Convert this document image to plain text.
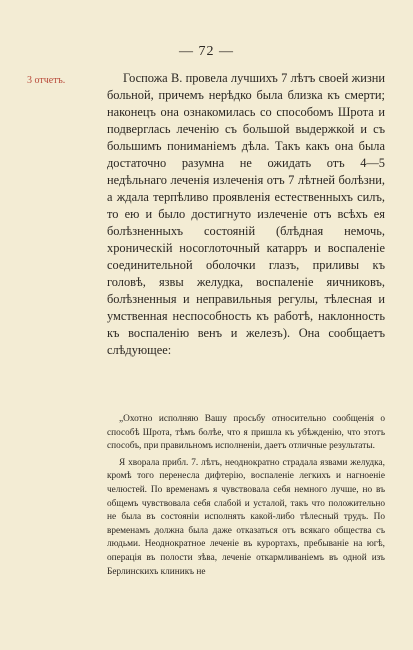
— 72 —
3 отчетъ.	Госпожа В. провела лучшихъ 7 лѣтъ своей жизни больной, причемъ нерѣдко была близка къ смерти; наконецъ она ознакомилась со способомъ Шрота и подверглась леченію съ большой выдержкой и съ большимъ пониманіемъ дѣла. Такъ какъ она была достаточно разумна не ожидать отъ 4—5 недѣльнаго леченія излеченія отъ 7 лѣтней болѣзни, а ждала терпѣливо проявленія естественныхъ силъ, то ею и было достигнуто излеченіе отъ всѣхъ ея болѣзненныхъ состояній (блѣдная немочь, хроническій носоглоточный катарръ и воспаленіе соединительной оболочки глазъ, приливы къ головѣ, язвы желудка, воспаленіе яичниковъ, болѣзненныя и неправильныя регулы, тѣлесная и умственная неспособность къ работѣ, наклонность къ воспаленію венъ и железъ). Она сообщаетъ слѣдующее:

„Охотно исполняю Вашу просьбу относительно сообщенія о способѣ Шрота, тѣмъ болѣе, что я пришла къ убѣжденію, что этотъ способъ, при правильномъ исполненіи, даетъ отличные результаты.

Я хворала прибл. 7. лѣтъ, неоднократно страдала язвами желудка, кромѣ того перенесла дифтерію, воспаленіе легкихъ и нагноеніе челюстей. По временамъ я чувствовала себя немного лучше, но въ общемъ чувствовала себя слабой и усталой, такъ что положительно не была въ состояніи исполнять какой-либо тѣлесный трудъ. По временамъ должна была даже отказаться отъ всякаго общества съ людьми. Неоднократное леченіе въ курортахъ, пребываніе на югѣ, операція въ полости зѣва, леченіе откармливаніемъ въ одной изъ Берлинскихъ клиникъ не
